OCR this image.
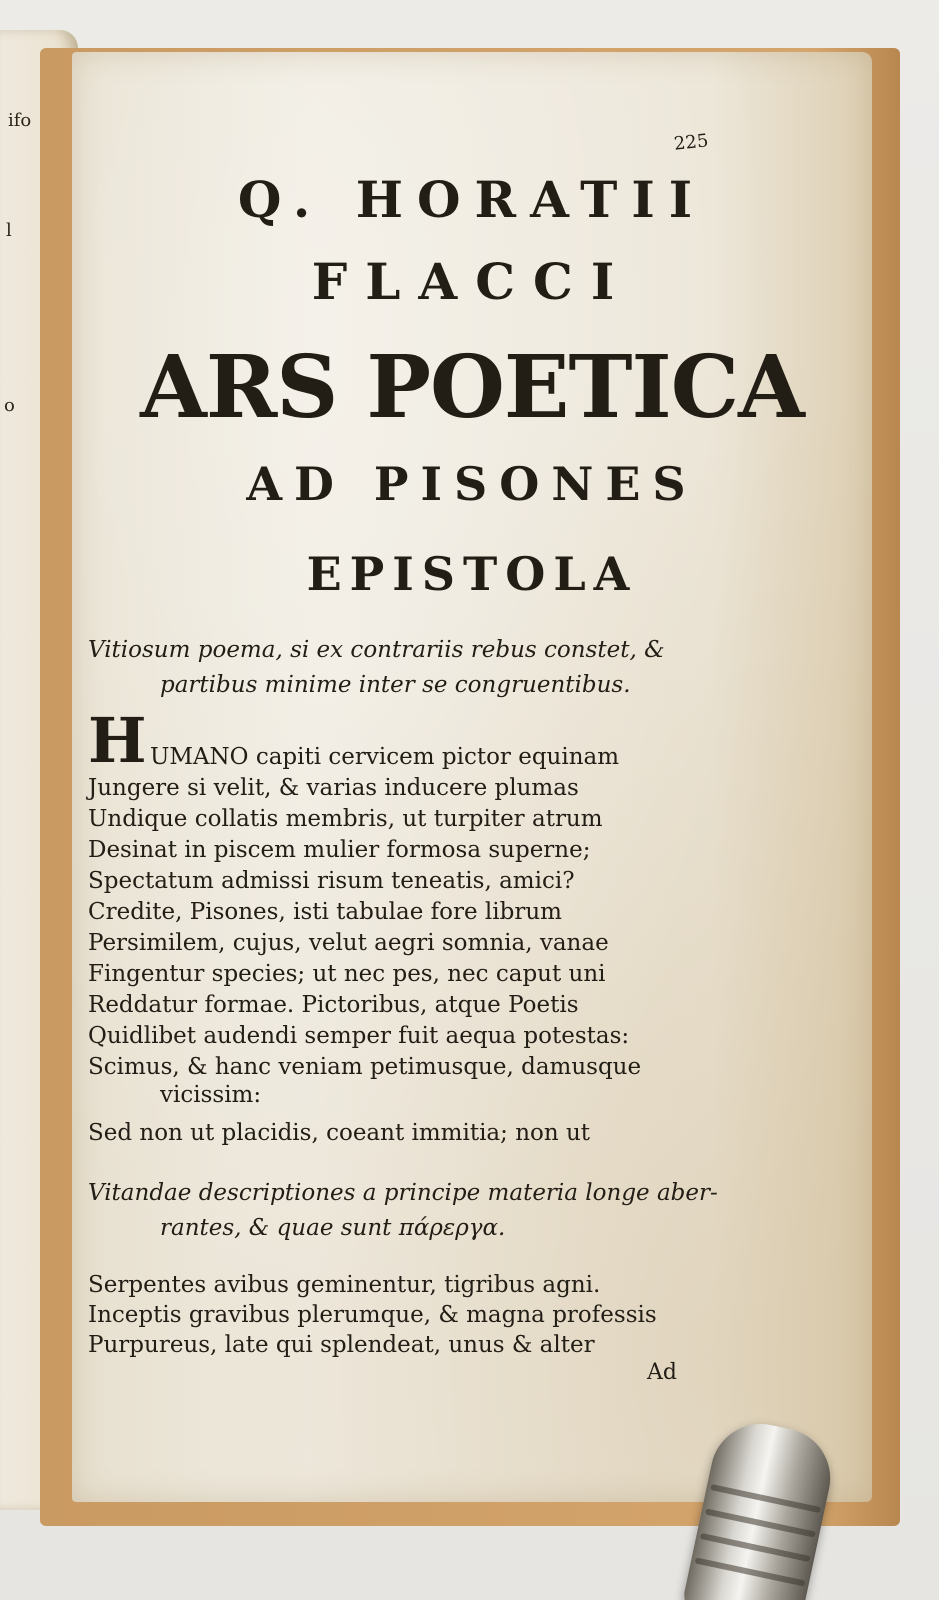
ifo
l
o
225
Q. HORATII
FLACCI
ARS POETICA
AD PISONES
EPISTOLA
Vitiosum poema, si ex contrariis rebus constet, &
partibus minime inter se congruentibus.
H UMANO capiti cervicem pictor equinam
Jungere si velit, & varias inducere plumas
Undique collatis membris, ut turpiter atrum
Desinat in piscem mulier formosa superne;
Spectatum admissi risum teneatis, amici?
Credite, Pisones, isti tabulae fore librum
Persimilem, cujus, velut aegri somnia, vanae
Fingentur species; ut nec pes, nec caput uni
Reddatur formae. Pictoribus, atque Poetis
Quidlibet audendi semper fuit aequa potestas:
Scimus, & hanc veniam petimusque, damusque
vicissim:
Sed non ut placidis, coeant immitia; non ut
Vitandae descriptiones a principe materia longe aber-
rantes, & quae sunt πάρεργα.
Serpentes avibus geminentur, tigribus agni.
Inceptis gravibus plerumque, & magna professis
Purpureus, late qui splendeat, unus & alter
Ad
